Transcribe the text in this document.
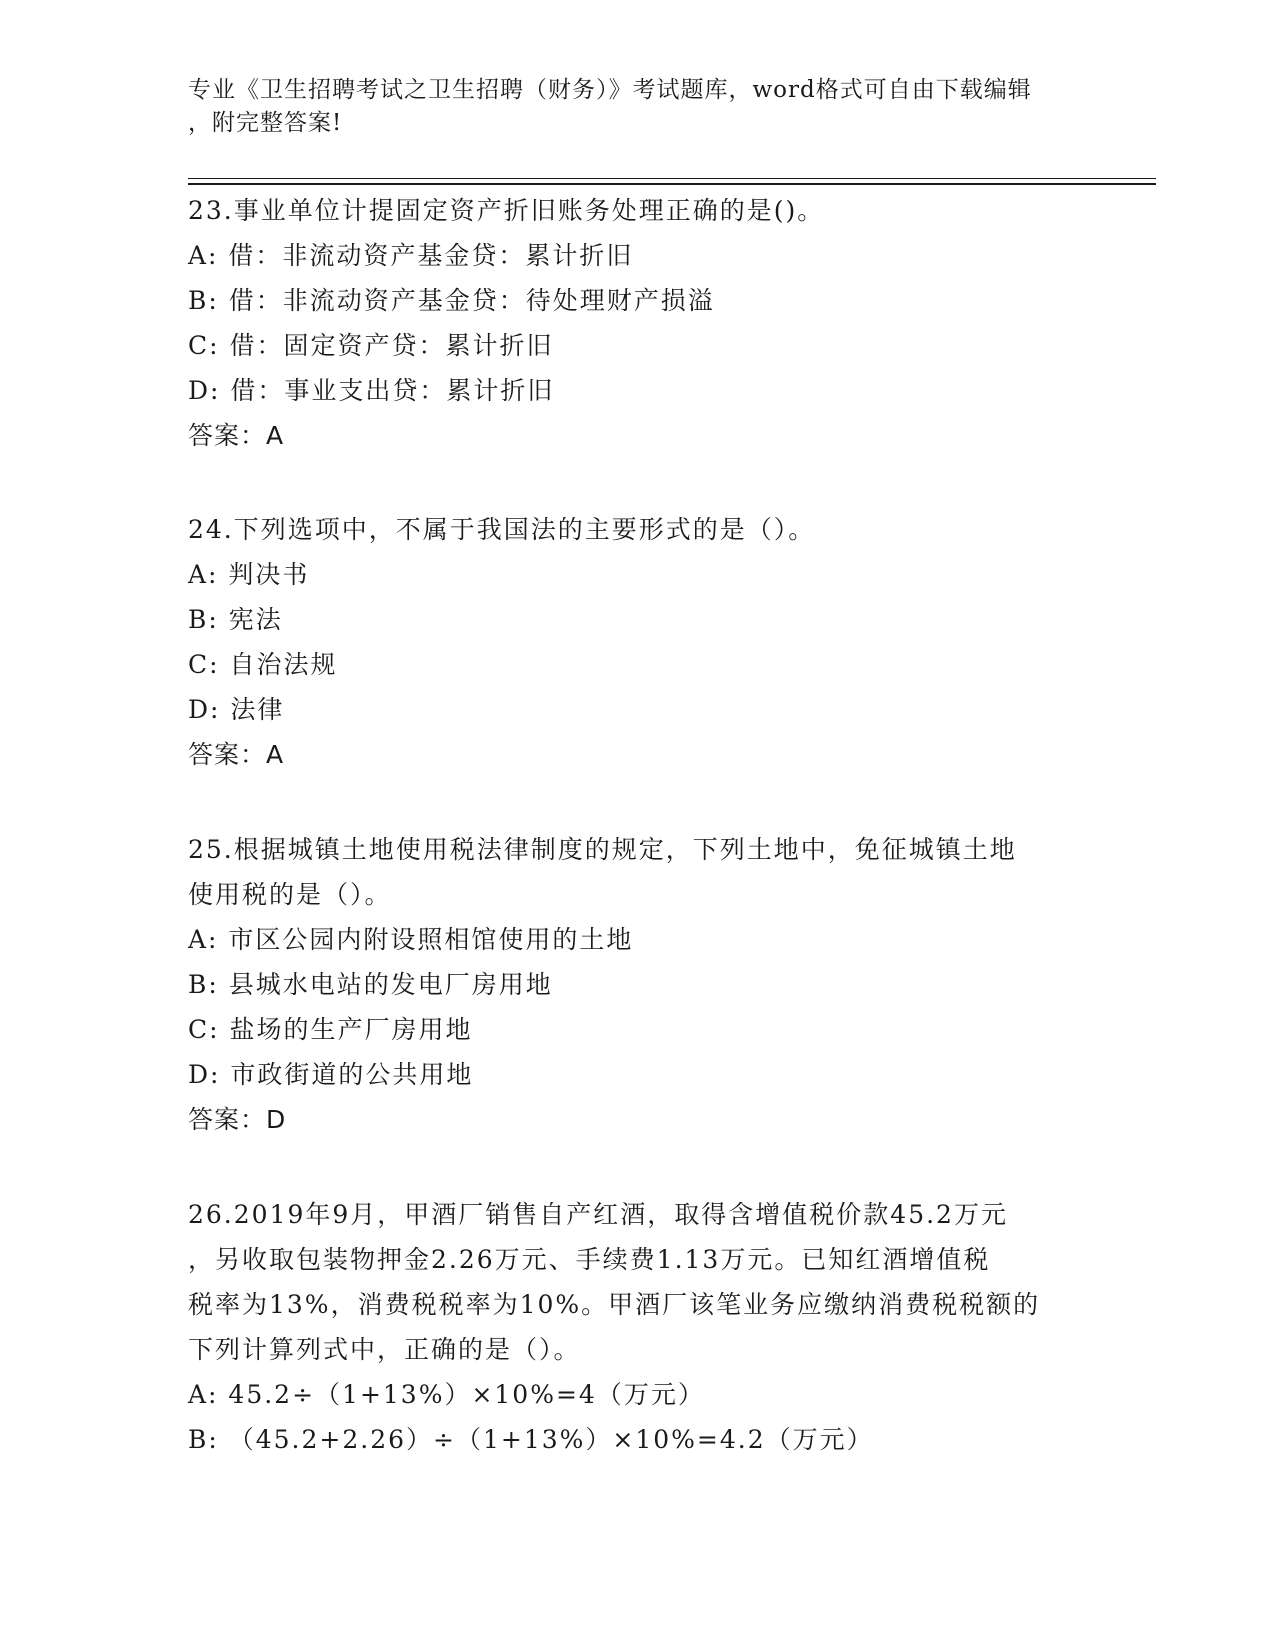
专业《卫生招聘考试之卫生招聘（财务）》考试题库，word格式可自由下载编辑
，附完整答案!
23.事业单位计提固定资产折旧账务处理正确的是()。
A: 借：非流动资产基金贷：累计折旧
B: 借：非流动资产基金贷：待处理财产损溢
C: 借：固定资产贷：累计折旧
D: 借：事业支出贷：累计折旧
答案：A
24.下列选项中，不属于我国法的主要形式的是（）。
A: 判决书
B: 宪法
C: 自治法规
D: 法律
答案：A
25.根据城镇土地使用税法律制度的规定，下列土地中，免征城镇土地
使用税的是（）。
A: 市区公园内附设照相馆使用的土地
B: 县城水电站的发电厂房用地
C: 盐场的生产厂房用地
D: 市政街道的公共用地
答案：D
26.2019年9月，甲酒厂销售自产红酒，取得含增值税价款45.2万元
，另收取包装物押金2.26万元、手续费1.13万元。已知红酒增值税
税率为13%，消费税税率为10%。甲酒厂该笔业务应缴纳消费税税额的
下列计算列式中，正确的是（）。
A: 45.2÷（1+13%）×10%=4（万元）
B: （45.2+2.26）÷（1+13%）×10%=4.2（万元）
